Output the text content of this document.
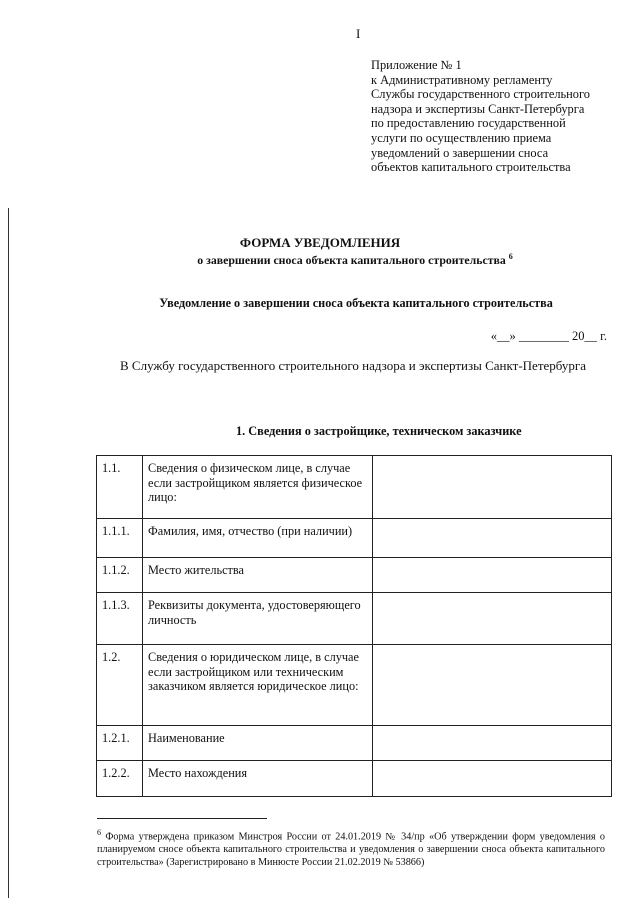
I
Приложение № 1
к Административному регламенту
Службы государственного строительного
надзора и экспертизы Санкт-Петербурга
по предоставлению государственной
услуги по осуществлению приема
уведомлений о завершении сноса
объектов капитального строительства
ФОРМА УВЕДОМЛЕНИЯ
о завершении сноса объекта капитального строительства $^6$
Уведомление о завершении сноса объекта капитального строительства
«__» ________ 20__ г.
В Службу государственного строительного надзора и экспертизы Санкт-Петербурга
1. Сведения о застройщике, техническом заказчике
1.1.	Сведения о физическом лице, в случае если застройщиком является физическое лицо:	
1.1.1.	Фамилия, имя, отчество (при наличии)	
1.1.2.	Место жительства	
1.1.3.	Реквизиты документа, удостоверяющего личность	
1.2.	Сведения о юридическом лице, в случае если застройщиком или техническим заказчиком является юридическое лицо:	
1.2.1.	Наименование	
1.2.2.	Место нахождения	
$^6$ Форма утверждена приказом Минстроя России от 24.01.2019 № 34/пр «Об утверждении форм уведомления о планируемом сносе объекта капитального строительства и уведомления о завершении сноса объекта капитального строительства» (Зарегистрировано в Минюсте России 21.02.2019 № 53866)
